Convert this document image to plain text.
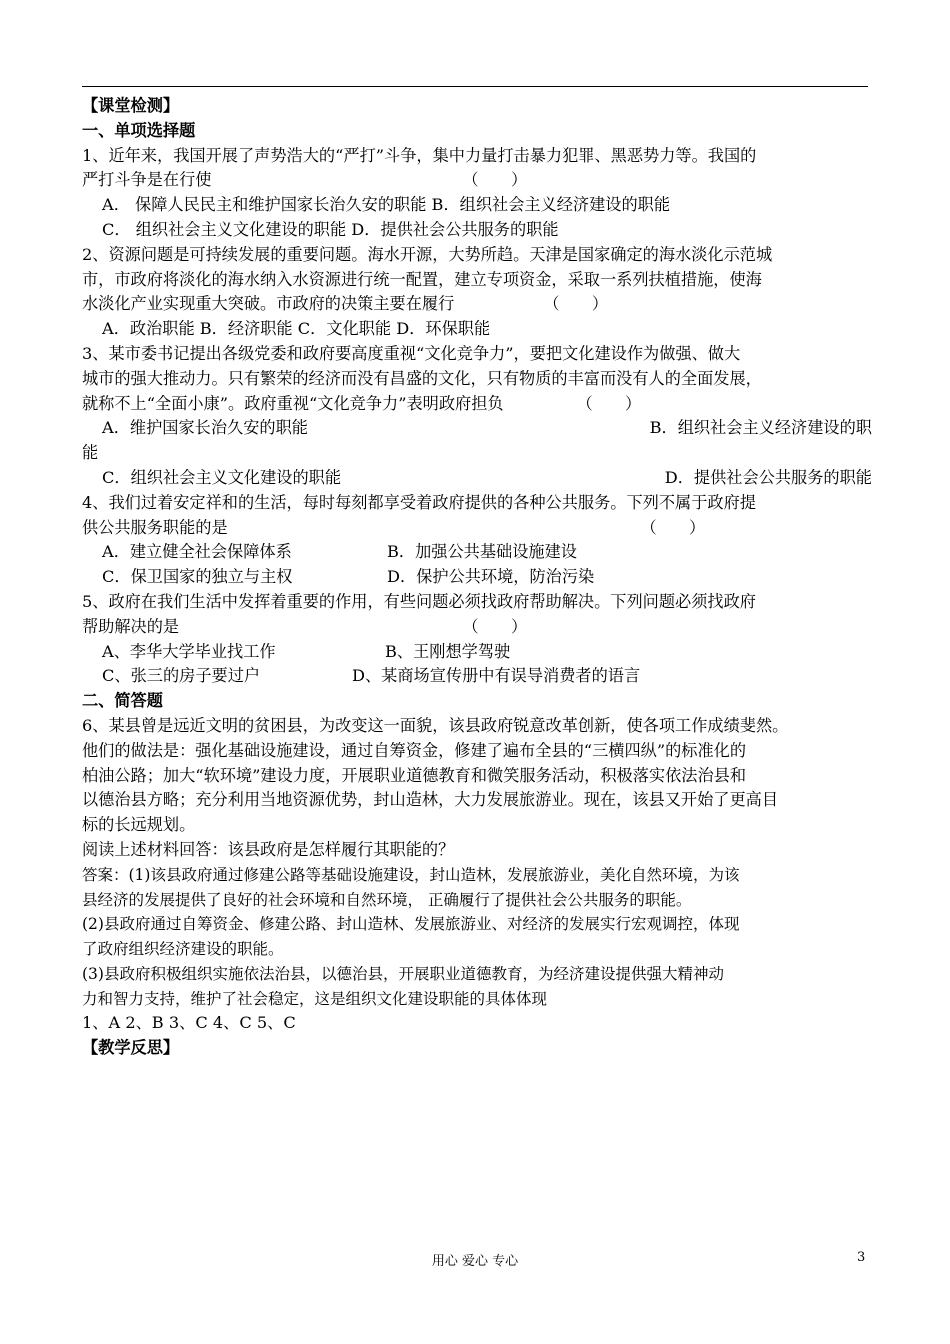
【课堂检测】
一、单项选择题
1、近年来，我国开展了声势浩大的“严打”斗争，集中力量打击暴力犯罪、黑恶势力等。我国的
严打斗争是在行使　　　　　　　　　　　　　　　　（　　）
A． 保障人民民主和维护国家长治久安的职能 B．组织社会主义经济建设的职能
C． 组织社会主义文化建设的职能 D．提供社会公共服务的职能
2、资源问题是可持续发展的重要问题。海水开源，大势所趋。天津是国家确定的海水淡化示范城
市，市政府将淡化的海水纳入水资源进行统一配置，建立专项资金，采取一系列扶植措施，使海
水淡化产业实现重大突破。市政府的决策主要在履行　　　　　　（　　）
A．政治职能 B．经济职能 C．文化职能 D．环保职能
3、某市委书记提出各级党委和政府要高度重视“文化竞争力”，要把文化建设作为做强、做大
城市的强大推动力。只有繁荣的经济而没有昌盛的文化，只有物质的丰富而没有人的全面发展，
就称不上“全面小康”。政府重视“文化竞争力”表明政府担负　　　　　（　　）
A．维护国家长治久安的职能	B．组织社会主义经济建设的职
能
C．组织社会主义文化建设的职能	D．提供社会公共服务的职能
4、我们过着安定祥和的生活，每时每刻都享受着政府提供的各种公共服务。下列不属于政府提
供公共服务职能的是　　　　　　　　　　　　　　　　　　　　　　　　　　（　　）
A．建立健全社会保障体系	B．加强公共基础设施建设
C．保卫国家的独立与主权	D．保护公共环境，防治污染
5、政府在我们生活中发挥着重要的作用，有些问题必须找政府帮助解决。下列问题必须找政府
帮助解决的是　　　　　　　　　　　　　　　　　　（　　）
A、李华大学毕业找工作	B、王刚想学驾驶
C、张三的房子要过户	D、某商场宣传册中有误导消费者的语言
二、简答题
6、某县曾是远近文明的贫困县，为改变这一面貌，该县政府锐意改革创新，使各项工作成绩斐然。
他们的做法是：强化基础设施建设，通过自筹资金，修建了遍布全县的“三横四纵”的标准化的
柏油公路；加大“软环境”建设力度，开展职业道德教育和微笑服务活动，积极落实依法治县和
以德治县方略；充分利用当地资源优势，封山造林，大力发展旅游业。现在，该县又开始了更高目
标的长远规划。
阅读上述材料回答：该县政府是怎样履行其职能的？
答案：(1)该县政府通过修建公路等基础设施建设，封山造林，发展旅游业，美化自然环境，为该
县经济的发展提供了良好的社会环境和自然环境， 正确履行了提供社会公共服务的职能。
(2)县政府通过自筹资金、修建公路、封山造林、发展旅游业、对经济的发展实行宏观调控，体现
了政府组织经济建设的职能。
(3)县政府积极组织实施依法治县，以德治县，开展职业道德教育，为经济建设提供强大精神动
力和智力支持，维护了社会稳定，这是组织文化建设职能的具体体现
1、A 2、B 3、C 4、C 5、C
【教学反思】
用心 爱心 专心	3
